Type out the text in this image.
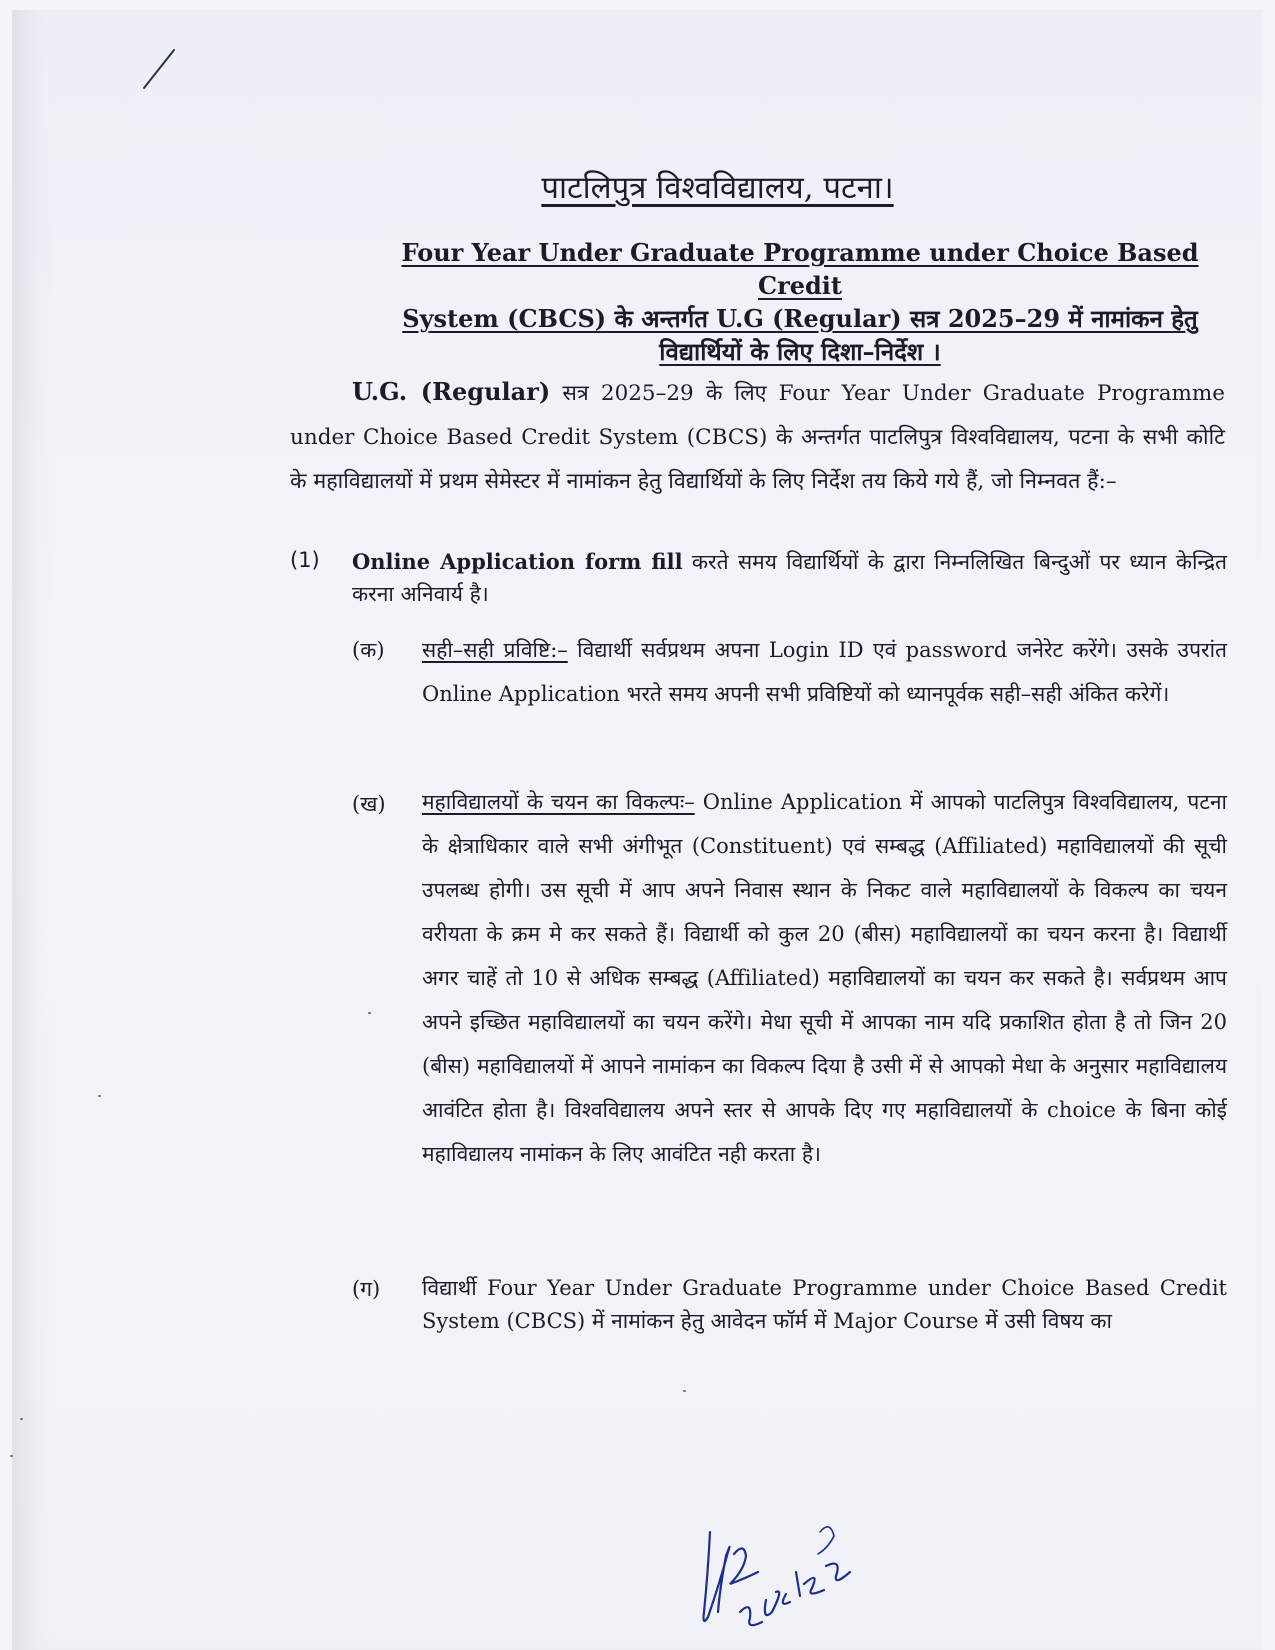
पाटलिपुत्र विश्वविद्यालय, पटना।
Four Year Under Graduate Programme under Choice Based Credit
System (CBCS) के अन्तर्गत U.G (Regular) सत्र 2025–29 में नामांकन हेतु
विद्यार्थियों के लिए दिशा–निर्देश ।
U.G. (Regular) सत्र 2025–29 के लिए Four Year Under Graduate Programme under Choice Based Credit System (CBCS) के अन्तर्गत पाटलिपुत्र विश्वविद्यालय, पटना के सभी कोटि के महाविद्यालयों में प्रथम सेमेस्टर में नामांकन हेतु विद्यार्थियों के लिए निर्देश तय किये गये हैं, जो निम्नवत हैं:–
(1) Online Application form fill करते समय विद्यार्थियों के द्वारा निम्नलिखित बिन्दुओं पर ध्यान केन्द्रित करना अनिवार्य है।
(क) सही–सही प्रविष्टि:– विद्यार्थी सर्वप्रथम अपना Login ID एवं password जनेरेट करेंगे। उसके उपरांत Online Application भरते समय अपनी सभी प्रविष्टियों को ध्यानपूर्वक सही–सही अंकित करेगें।
(ख) महाविद्यालयों के चयन का विकल्पः– Online Application में आपको पाटलिपुत्र विश्वविद्यालय, पटना के क्षेत्राधिकार वाले सभी अंगीभूत (Constituent) एवं सम्बद्ध (Affiliated) महाविद्यालयों की सूची उपलब्ध होगी। उस सूची में आप अपने निवास स्थान के निकट वाले महाविद्यालयों के विकल्प का चयन वरीयता के क्रम मे कर सकते हैं। विद्यार्थी को कुल 20 (बीस) महाविद्यालयों का चयन करना है। विद्यार्थी अगर चाहें तो 10 से अधिक सम्बद्ध (Affiliated) महाविद्यालयों का चयन कर सकते है। सर्वप्रथम आप अपने इच्छित महाविद्यालयों का चयन करेंगे। मेधा सूची में आपका नाम यदि प्रकाशित होता है तो जिन 20 (बीस) महाविद्यालयों में आपने नामांकन का विकल्प दिया है उसी में से आपको मेधा के अनुसार महाविद्यालय आवंटित होता है। विश्वविद्यालय अपने स्तर से आपके दिए गए महाविद्यालयों के choice के बिना कोई महाविद्यालय नामांकन के लिए आवंटित नही करता है।
(ग) विद्यार्थी Four Year Under Graduate Programme under Choice Based Credit System (CBCS) में नामांकन हेतु आवेदन फॉर्म में Major Course में उसी विषय का
